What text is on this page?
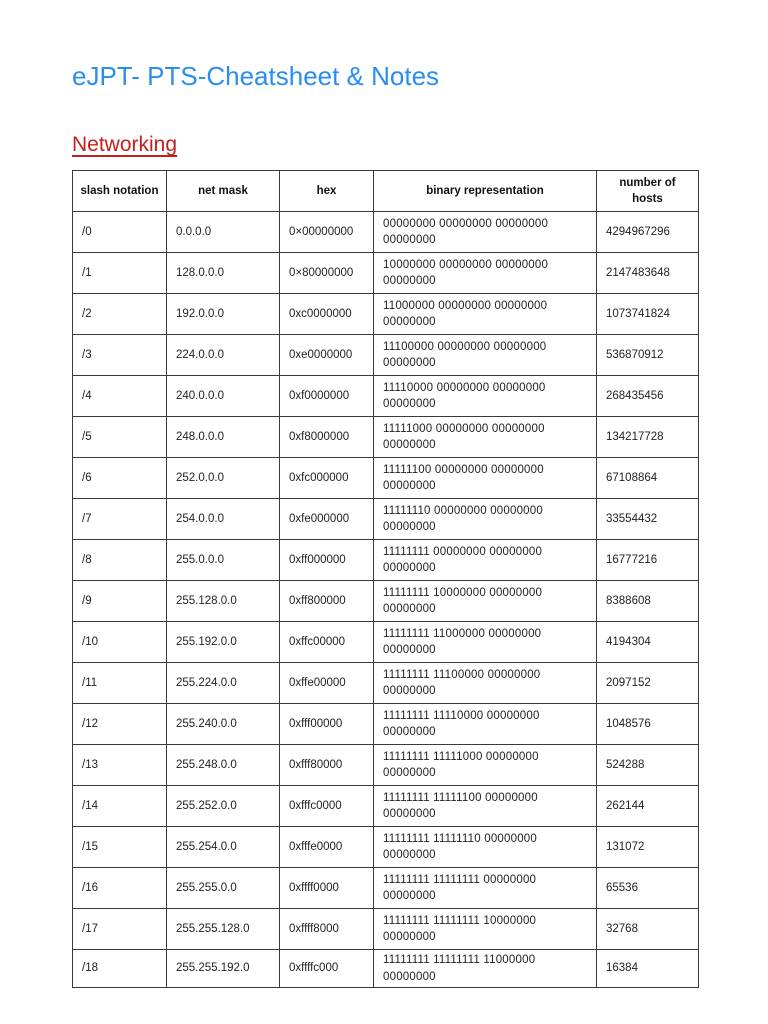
eJPT- PTS-Cheatsheet & Notes
Networking
slash notation	net mask	hex	binary representation	number of hosts
/0	0.0.0.0	0×00000000	00000000 00000000 00000000 00000000	4294967296
/1	128.0.0.0	0×80000000	10000000 00000000 00000000 00000000	2147483648
/2	192.0.0.0	0xc0000000	11000000 00000000 00000000 00000000	1073741824
/3	224.0.0.0	0xe0000000	11100000 00000000 00000000 00000000	536870912
/4	240.0.0.0	0xf0000000	11110000 00000000 00000000 00000000	268435456
/5	248.0.0.0	0xf8000000	11111000 00000000 00000000 00000000	134217728
/6	252.0.0.0	0xfc000000	11111100 00000000 00000000 00000000	67108864
/7	254.0.0.0	0xfe000000	11111110 00000000 00000000 00000000	33554432
/8	255.0.0.0	0xff000000	11111111 00000000 00000000 00000000	16777216
/9	255.128.0.0	0xff800000	11111111 10000000 00000000 00000000	8388608
/10	255.192.0.0	0xffc00000	11111111 11000000 00000000 00000000	4194304
/11	255.224.0.0	0xffe00000	11111111 11100000 00000000 00000000	2097152
/12	255.240.0.0	0xfff00000	11111111 11110000 00000000 00000000	1048576
/13	255.248.0.0	0xfff80000	11111111 11111000 00000000 00000000	524288
/14	255.252.0.0	0xfffc0000	11111111 11111100 00000000 00000000	262144
/15	255.254.0.0	0xfffe0000	11111111 11111110 00000000 00000000	131072
/16	255.255.0.0	0xffff0000	11111111 11111111 00000000 00000000	65536
/17	255.255.128.0	0xffff8000	11111111 11111111 10000000 00000000	32768
/18	255.255.192.0	0xffffc000	11111111 11111111 11000000 00000000	16384
